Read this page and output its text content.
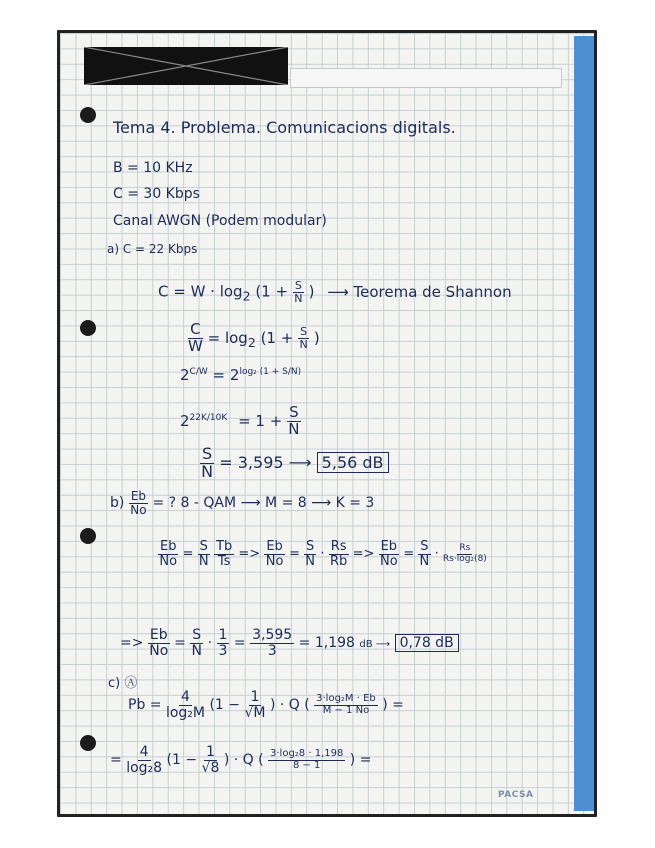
Tema 4. Problema. Comunicacions digitals.
B = 10 KHz
C = 30 Kbps
Canal AWGN (Podem modular)
a) C = 22 Kbps
$C = W \cdot \log_2 (1 + \frac{S}{N}$ ) ⟶ Teorema de Shannon
$\frac{C}{W} = \log_2 (1 + \frac{S}{N}$ )
$2^{C/W} = 2^{log_2 (1 + S/N)}$
$2^{22K/10K} = 1 + \frac{S}{N}$
$\frac{S}{N} = 3,595$ ⟶ 5,56 dB
$b) \frac{Eb}{No}$ = ? 8 - QAM ⟶ M = 8 ⟶ K = 3
$\frac{Eb}{No} = \frac{S}{N}$
$\frac{Tb}{Ts} => \frac{Eb}{No} = \frac{S}{N} \cdot \frac{Rs}{Rb} => \frac{Eb}{No} = \frac{S}{N} \cdot \frac{Rs}{\text{Rs·log₂(8)}}$
=> $\frac{Eb}{No} = \frac{S}{N} \cdot \frac{1}{3} = \frac{3,595}{3} = 1,198$ dB ⟶ 0,78 dB
c) Ⓐ
$Pb = \frac{4}{\text{log₂M}} (1 - \frac{1}{√M}$ ) · Q ( $\frac{\text{3·log₂M · Eb}}{M - 1 No}$ ) =
= $\frac{4}{\text{log₂8}} (1 - \frac{1}{√8}$ ) · Q ( $\frac{\text{3·log₂8 · 1,198}}{8 - 1}$ ) =
PACSA
